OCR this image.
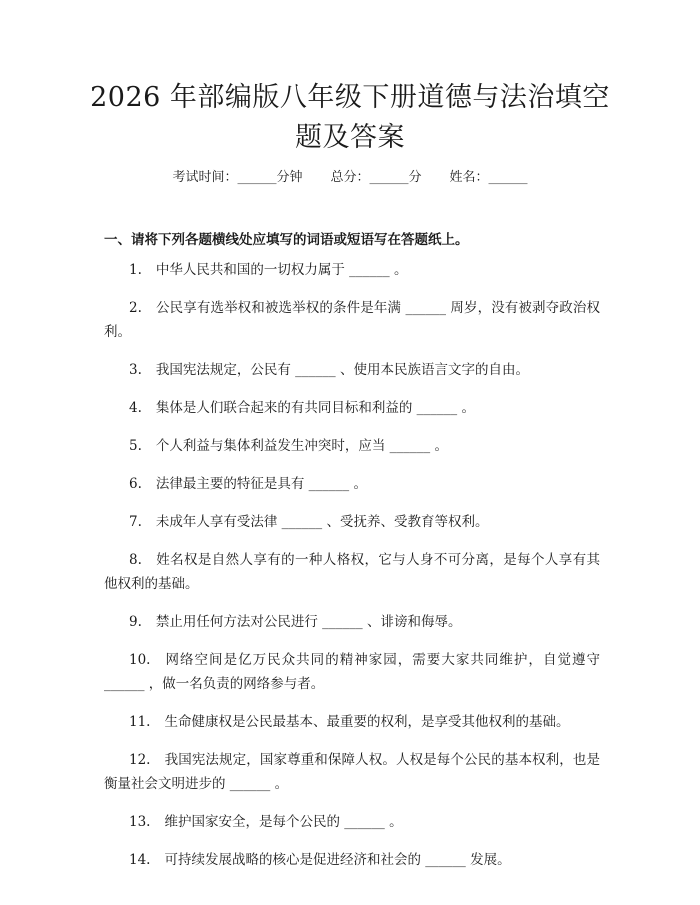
2026 年部编版八年级下册道德与法治填空题及答案
考试时间：______分钟 总分：______分 姓名：______
一、请将下列各题横线处应填写的词语或短语写在答题纸上。
1. 中华人民共和国的一切权力属于 ______ 。
2. 公民享有选举权和被选举权的条件是年满 ______ 周岁，没有被剥夺政治权利。
3. 我国宪法规定，公民有 ______ 、使用本民族语言文字的自由。
4. 集体是人们联合起来的有共同目标和利益的 ______ 。
5. 个人利益与集体利益发生冲突时，应当 ______ 。
6. 法律最主要的特征是具有 ______ 。
7. 未成年人享有受法律 ______ 、受抚养、受教育等权利。
8. 姓名权是自然人享有的一种人格权，它与人身不可分离，是每个人享有其他权利的基础。
9. 禁止用任何方法对公民进行 ______ 、诽谤和侮辱。
10. 网络空间是亿万民众共同的精神家园，需要大家共同维护，自觉遵守 ______ ，做一名负责的网络参与者。
11. 生命健康权是公民最基本、最重要的权利，是享受其他权利的基础。
12. 我国宪法规定，国家尊重和保障人权。人权是每个公民的基本权利，也是衡量社会文明进步的 ______ 。
13. 维护国家安全，是每个公民的 ______ 。
14. 可持续发展战略的核心是促进经济和社会的 ______ 发展。
